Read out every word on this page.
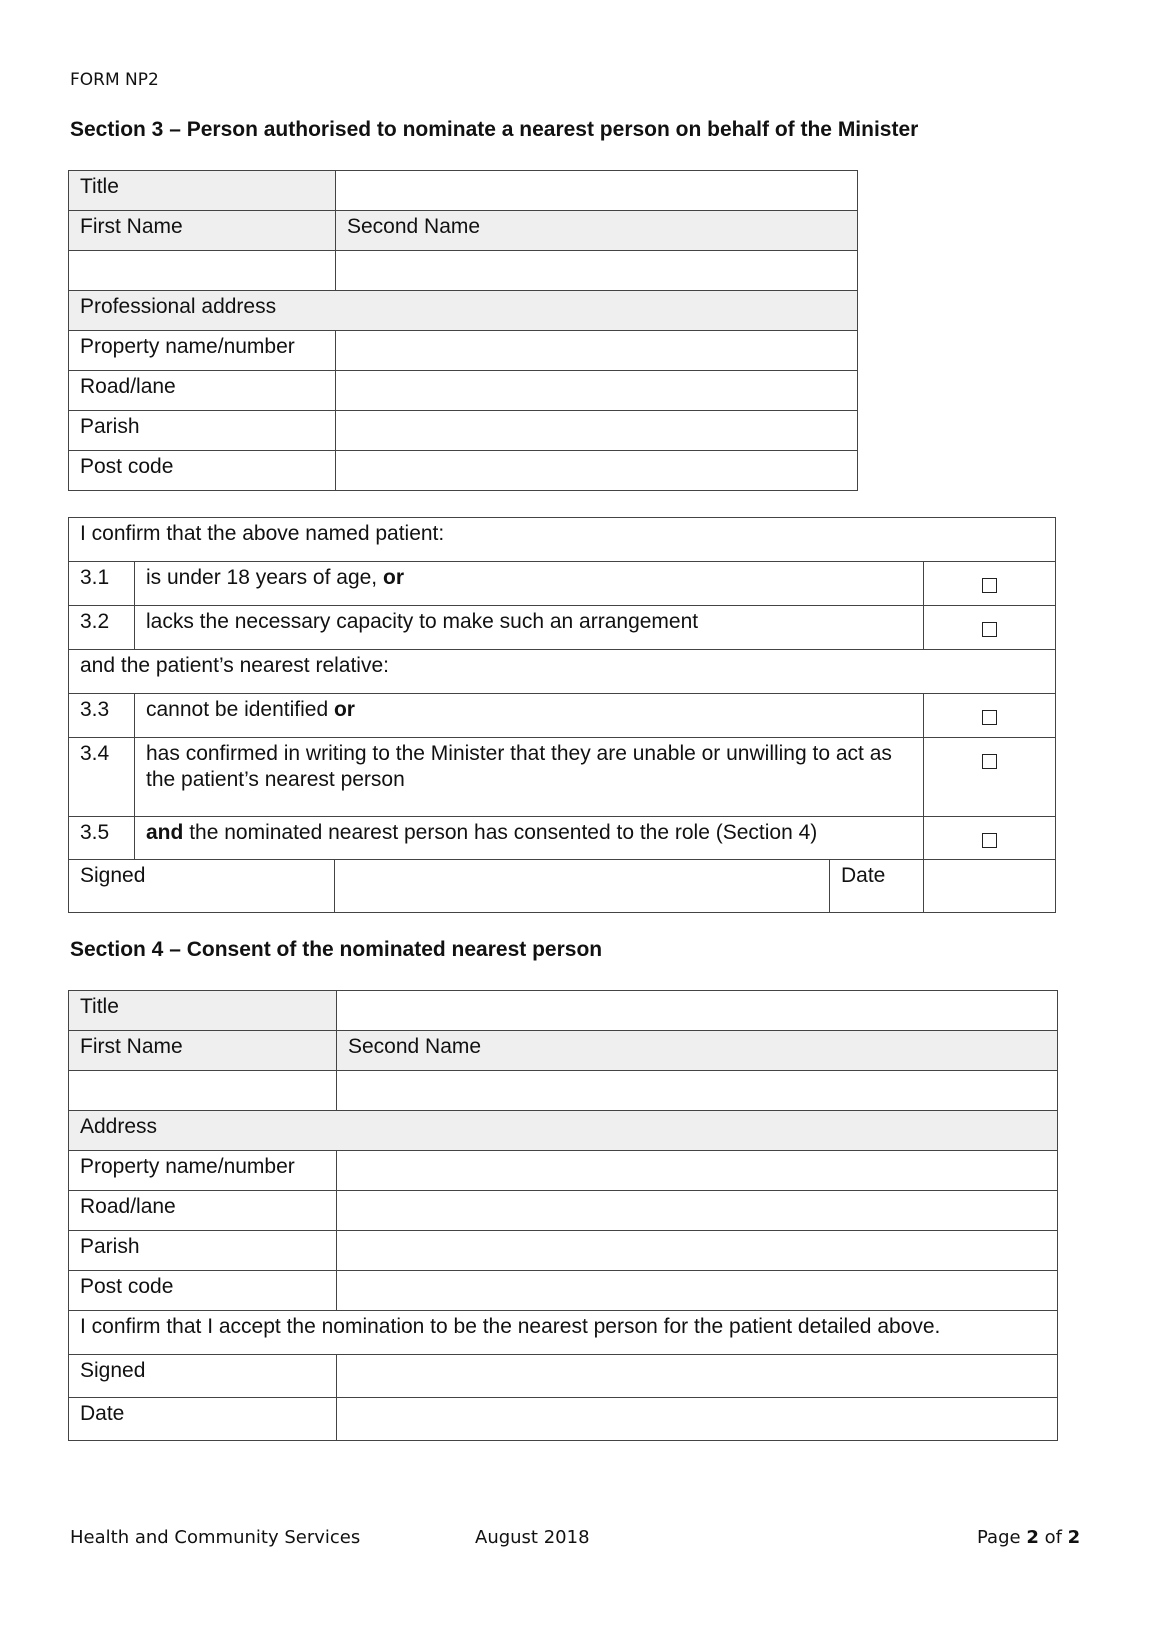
FORM NP2
Section 3 – Person authorised to nominate a nearest person on behalf of the Minister
Title	
First Name	Second Name

Professional address	
Property name/number	
Road/lane	
Parish	
Post code	
I confirm that the above named patient:				
3.1	is under 18 years of age, or			
3.2	lacks the necessary capacity to make such an arrangement			
and the patient’s nearest relative:				
3.3	cannot be identified or			
3.4	has confirmed in writing to the Minister that they are unable or unwilling to act as the patient’s nearest person			
3.5	and the nominated nearest person has consented to the role (Section 4)			
Signed			Date	
Section 4 – Consent of the nominated nearest person
Title	
First Name	Second Name

Address	
Property name/number	
Road/lane	
Parish	
Post code	
I confirm that I accept the nomination to be the nearest person for the patient detailed above.	
Signed	
Date	
Health and Community Services	August 2018	Page 2 of 2
